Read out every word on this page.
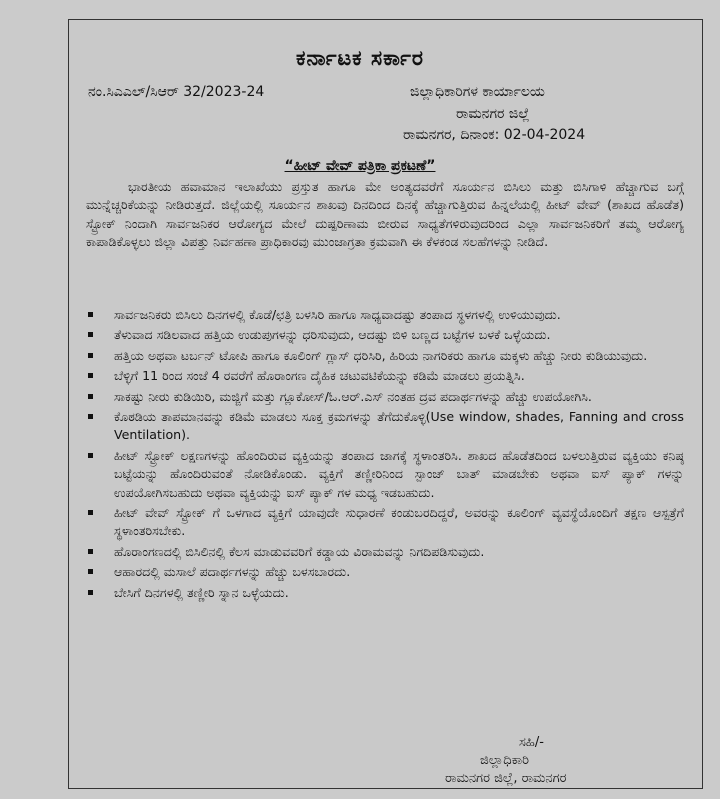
ಕರ್ನಾಟಕ ಸರ್ಕಾರ
ನಂ.ಸಿಎಎಲ್/ಸಿಆರ್ 32/2023-24	ಜಿಲ್ಲಾಧಿಕಾರಿಗಳ ಕಾರ್ಯಾಲಯ
ರಾಮನಗರ ಜಿಲ್ಲೆ
ರಾಮನಗರ, ದಿನಾಂಕ: 02-04-2024
“ಹೀಟ್ ವೇವ್ ಪತ್ರಿಕಾ ಪ್ರಕಟಣೆ”
ಭಾರತೀಯ ಹವಾಮಾನ ಇಲಾಖೆಯು ಪ್ರಸ್ತುತ ಹಾಗೂ ಮೇ ಅಂತ್ಯದವರೆಗೆ ಸೂರ್ಯನ ಬಿಸಿಲು ಮತ್ತು ಬಿಸಿಗಾಳಿ ಹೆಚ್ಚಾಗುವ ಬಗ್ಗೆ ಮುನ್ನೆಚ್ಚರಿಕೆಯನ್ನು ನೀಡಿರುತ್ತದೆ. ಜಿಲ್ಲೆಯಲ್ಲಿ ಸೂರ್ಯನ ಶಾಖವು ದಿನದಿಂದ ದಿನಕ್ಕೆ ಹೆಚ್ಚಾಗುತ್ತಿರುವ ಹಿನ್ನಲೆಯಲ್ಲಿ ಹೀಟ್ ವೇವ್ (ಶಾಖದ ಹೊಡೆತ) ಸ್ಟ್ರೋಕ್ ನಿಂದಾಗಿ ಸಾರ್ವಜನಿಕರ ಆರೋಗ್ಯದ ಮೇಲೆ ದುಷ್ಪರಿಣಾಮ ಬೀರುವ ಸಾಧ್ಯತೆಗಳಿರುವುದರಿಂದ ಎಲ್ಲಾ ಸಾರ್ವಜನಿಕರಿಗೆ ತಮ್ಮ ಆರೋಗ್ಯ ಕಾಪಾಡಿಕೊಳ್ಳಲು ಜಿಲ್ಲಾ ವಿಪತ್ತು ನಿರ್ವಹಣಾ ಪ್ರಾಧಿಕಾರವು ಮುಂಜಾಗ್ರತಾ ಕ್ರಮವಾಗಿ ಈ ಕೆಳಕಂಡ ಸಲಹೆಗಳನ್ನು ನೀಡಿದೆ.
ಸಾರ್ವಜನಿಕರು ಬಿಸಿಲು ದಿನಗಳಲ್ಲಿ ಕೊಡೆ/ಛತ್ರಿ ಬಳಸಿರಿ ಹಾಗೂ ಸಾಧ್ಯವಾದಷ್ಟು ತಂಪಾದ ಸ್ಥಳಗಳಲ್ಲಿ ಉಳಿಯುವುದು.
ತೆಳುವಾದ ಸಡಿಲವಾದ ಹತ್ತಿಯ ಉಡುಪುಗಳನ್ನು ಧರಿಸುವುದು, ಆದಷ್ಟು ಬಿಳಿ ಬಣ್ಣದ ಬಟ್ಟೆಗಳ ಬಳಕೆ ಒಳ್ಳೆಯದು.
ಹತ್ತಿಯ ಅಥವಾ ಟರ್ಬನ್ ಟೋಪಿ ಹಾಗೂ ಕೂಲಿಂಗ್ ಗ್ಲಾಸ್ ಧರಿಸಿರಿ, ಹಿರಿಯ ನಾಗರಿಕರು ಹಾಗೂ ಮಕ್ಕಳು ಹೆಚ್ಚು ನೀರು ಕುಡಿಯುವುದು.
ಬೆಳ್ಳಿಗೆ 11 ರಿಂದ ಸಂಜೆ 4 ರವರೆಗೆ ಹೊರಾಂಗಣ ದೈಹಿಕ ಚಟುವಟಿಕೆಯನ್ನು ಕಡಿಮೆ ಮಾಡಲು ಪ್ರಯತ್ನಿಸಿ.
ಸಾಕಷ್ಟು ನೀರು ಕುಡಿಯಿರಿ, ಮಜ್ಜಿಗೆ ಮತ್ತು ಗ್ಲೂಕೋಸ್/ಓ.ಆರ್.ಎಸ್ ನಂತಹ ದ್ರವ ಪದಾರ್ಥಗಳನ್ನು ಹೆಚ್ಚು ಉಪಯೋಗಿಸಿ.
ಕೊಠಡಿಯ ತಾಪಮಾನವನ್ನು ಕಡಿಮೆ ಮಾಡಲು ಸೂಕ್ತ ಕ್ರಮಗಳನ್ನು ತೆಗೆದುಕೊಳ್ಳಿ(Use window, shades, Fanning and cross Ventilation).
ಹೀಟ್ ಸ್ಟ್ರೋಕ್ ಲಕ್ಷಣಗಳನ್ನು ಹೊಂದಿರುವ ವ್ಯಕ್ತಿಯನ್ನು ತಂಪಾದ ಜಾಗಕ್ಕೆ ಸ್ಥಳಾಂತರಿಸಿ. ಶಾಖದ ಹೊಡೆತದಿಂದ ಬಳಲುತ್ತಿರುವ ವ್ಯಕ್ತಿಯು ಕನಿಷ್ಠ ಬಟ್ಟೆಯನ್ನು ಹೊಂದಿರುವಂತೆ ನೋಡಿಕೊಂಡು. ವ್ಯಕ್ತಿಗೆ ತಣ್ಣೀರಿನಿಂದ ಸ್ಪಾಂಜ್ ಬಾತ್ ಮಾಡಬೇಕು ಅಥವಾ ಐಸ್ ಪ್ಯಾಕ್ ಗಳನ್ನು ಉಪಯೋಗಿಸಬಹುದು ಅಥವಾ ವ್ಯಕ್ತಿಯನ್ನು ಐಸ್ ಪ್ಯಾಕ್ ಗಳ ಮಧ್ಯ ಇಡಬಹುದು.
ಹೀಟ್ ವೇವ್ ಸ್ಟ್ರೋಕ್ ಗೆ ಒಳಗಾದ ವ್ಯಕ್ತಿಗೆ ಯಾವುದೇ ಸುಧಾರಣೆ ಕಂಡುಬರದಿದ್ದರೆ, ಅವರನ್ನು ಕೂಲಿಂಗ್ ವ್ಯವಸ್ಥೆಯೊಂದಿಗೆ ತಕ್ಷಣ ಆಸ್ಪತ್ರೆಗೆ ಸ್ಥಳಾಂತರಿಸಬೇಕು.
ಹೊರಾಂಗಣದಲ್ಲಿ ಬಿಸಿಲಿನಲ್ಲಿ ಕೆಲಸ ಮಾಡುವವರಿಗೆ ಕಡ್ಡಾಯ ವಿರಾಮವನ್ನು ನಿಗದಿಪಡಿಸುವುದು.
ಆಹಾರದಲ್ಲಿ ಮಸಾಲೆ ಪದಾರ್ಥಗಳನ್ನು ಹೆಚ್ಚು ಬಳಸಬಾರದು.
ಬೇಸಿಗೆ ದಿನಗಳಲ್ಲಿ ತಣ್ಣೀರಿ ಸ್ನಾನ ಒಳ್ಳೆಯದು.
ಸಹಿ/-
ಜಿಲ್ಲಾಧಿಕಾರಿ
ರಾಮನಗರ ಜಿಲ್ಲೆ, ರಾಮನಗರ
